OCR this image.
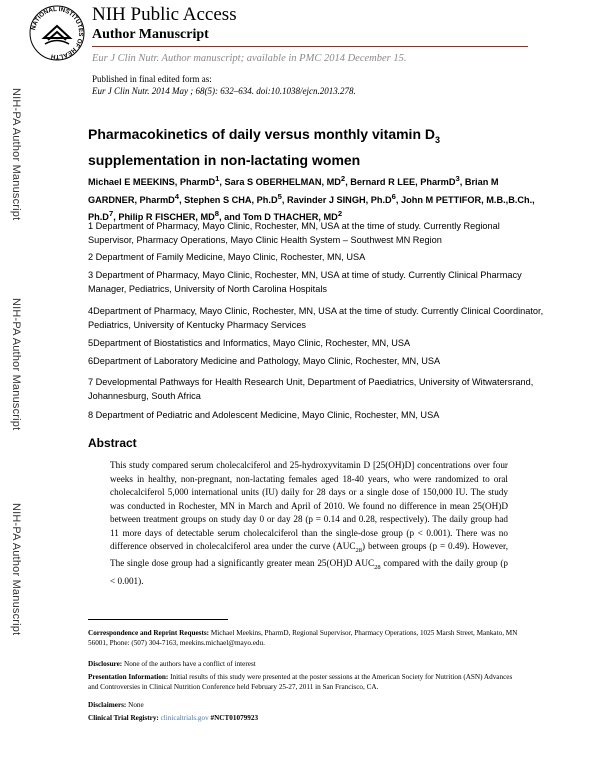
NATIONAL INSTITUTES OF HEALTH
NIH Public Access
Author Manuscript
Eur J Clin Nutr. Author manuscript; available in PMC 2014 December 15.
Published in final edited form as:
Eur J Clin Nutr. 2014 May ; 68(5): 632–634. doi:10.1038/ejcn.2013.278.
NIH-PA Author Manuscript
NIH-PA Author Manuscript
NIH-PA Author Manuscript
Pharmacokinetics of daily versus monthly vitamin $D_3$
supplementation in non-lactating women
Michael E MEEKINS, PharmD$^1$, Sara S OBERHELMAN, $MD^2$, Bernard R LEE, PharmD$^3$, Brian M GARDNER, PharmD$^4$, Stephen S CHA, $Ph.D^5$, Ravinder J SINGH, $Ph.D^6$, John M PETTIFOR, M.B.,B.Ch., $Ph.D^7$, Philip R FISCHER, $MD^8$, and Tom D THACHER, $MD^2$
1 Department of Pharmacy, Mayo Clinic, Rochester, MN, USA at the time of study. Currently Regional Supervisor, Pharmacy Operations, Mayo Clinic Health System – Southwest MN Region
2 Department of Family Medicine, Mayo Clinic, Rochester, MN, USA
3 Department of Pharmacy, Mayo Clinic, Rochester, MN, USA at time of study. Currently Clinical Pharmacy Manager, Pediatrics, University of North Carolina Hospitals
4Department of Pharmacy, Mayo Clinic, Rochester, MN, USA at the time of study. Currently Clinical Coordinator, Pediatrics, University of Kentucky Pharmacy Services
5Department of Biostatistics and Informatics, Mayo Clinic, Rochester, MN, USA
6Department of Laboratory Medicine and Pathology, Mayo Clinic, Rochester, MN, USA
7 Developmental Pathways for Health Research Unit, Department of Paediatrics, University of Witwatersrand, Johannesburg, South Africa
8 Department of Pediatric and Adolescent Medicine, Mayo Clinic, Rochester, MN, USA
Abstract

This study compared serum cholecalciferol and 25-hydroxyvitamin D [25(OH)D] concentrations over four weeks in healthy, non-pregnant, non-lactating females aged 18-40 years, who were randomized to oral cholecalciferol 5,000 international units (IU) daily for 28 days or a single dose of 150,000 IU. The study was conducted in Rochester, MN in March and April of 2010. We found no difference in mean 25(OH)D between treatment groups on study day 0 or day 28 (p = 0.14 and 0.28, respectively). The daily group had 11 more days of detectable serum cholecalciferol than the single-dose group (p < 0.001). There was no difference observed in cholecalciferol area under the curve $(AUC_{28})$ between groups (p = 0.49). However, The single dose group had a significantly greater mean 25(OH)D $AUC_{28}$ compared with the daily group (p < 0.001).

Correspondence and Reprint Requests: Michael Meekins, PharmD, Regional Supervisor, Pharmacy Operations, 1025 Marsh Street, Mankato, MN 56001, Phone: (507) 304-7163, meekins.michael@mayo.edu.
Disclosure: None of the authors have a conflict of interest
Presentation Information: Initial results of this study were presented at the poster sessions at the American Society for Nutrition (ASN) Advances and Controversies in Clinical Nutrition Conference held February 25-27, 2011 in San Francisco, CA.
Disclaimers: None
Clinical Trial Registry: clinicaltrials.gov #NCT01079923
